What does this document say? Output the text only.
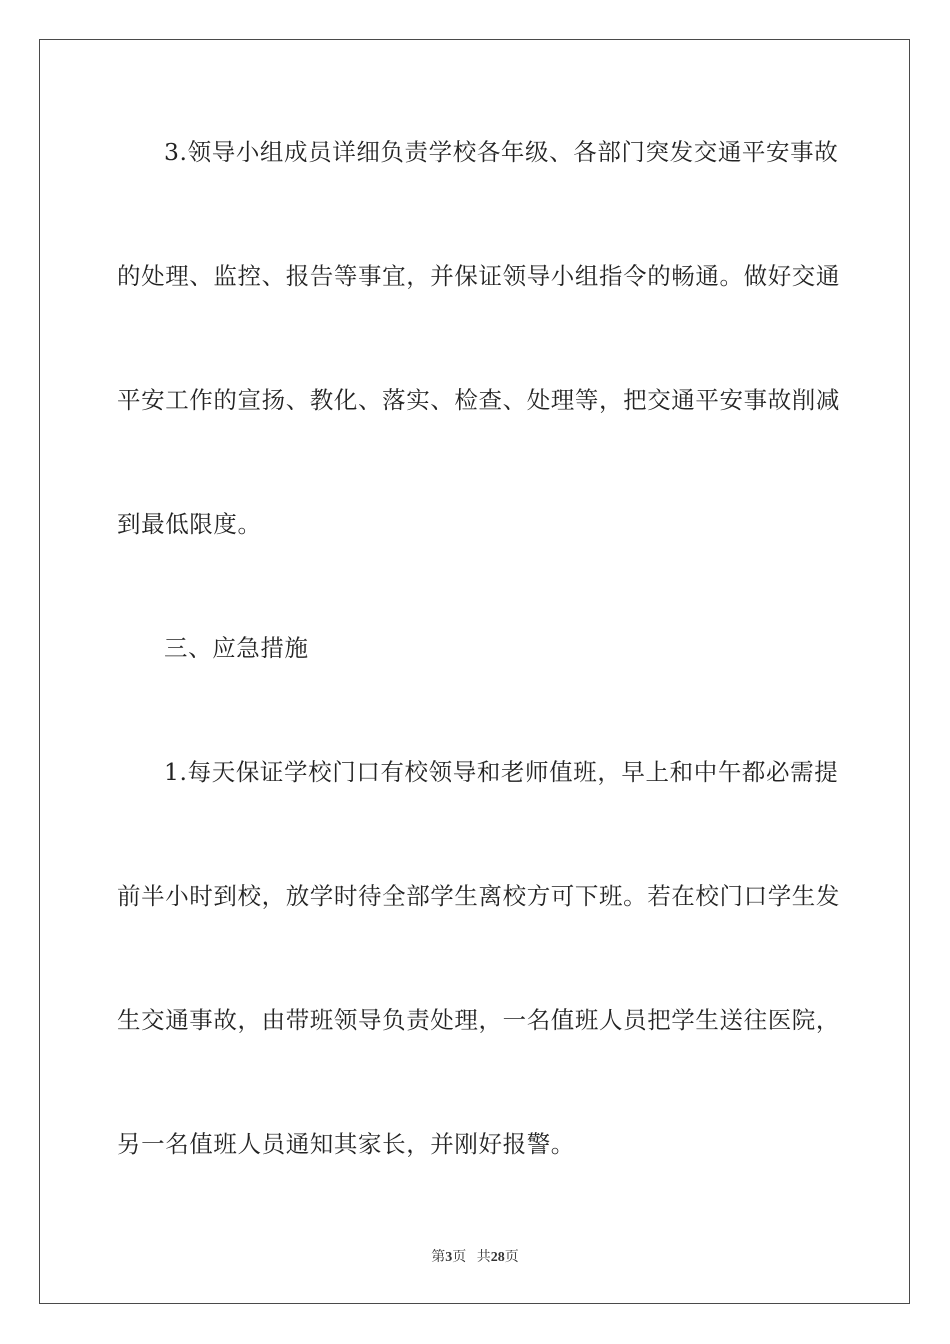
3.领导小组成员详细负责学校各年级、各部门突发交通平安事故
的处理、监控、报告等事宜，并保证领导小组指令的畅通。做好交通
平安工作的宣扬、教化、落实、检查、处理等，把交通平安事故削减
到最低限度。
三、应急措施
1.每天保证学校门口有校领导和老师值班，早上和中午都必需提
前半小时到校，放学时待全部学生离校方可下班。若在校门口学生发
生交通事故，由带班领导负责处理，一名值班人员把学生送往医院，
另一名值班人员通知其家长，并刚好报警。
第3页 共28页
